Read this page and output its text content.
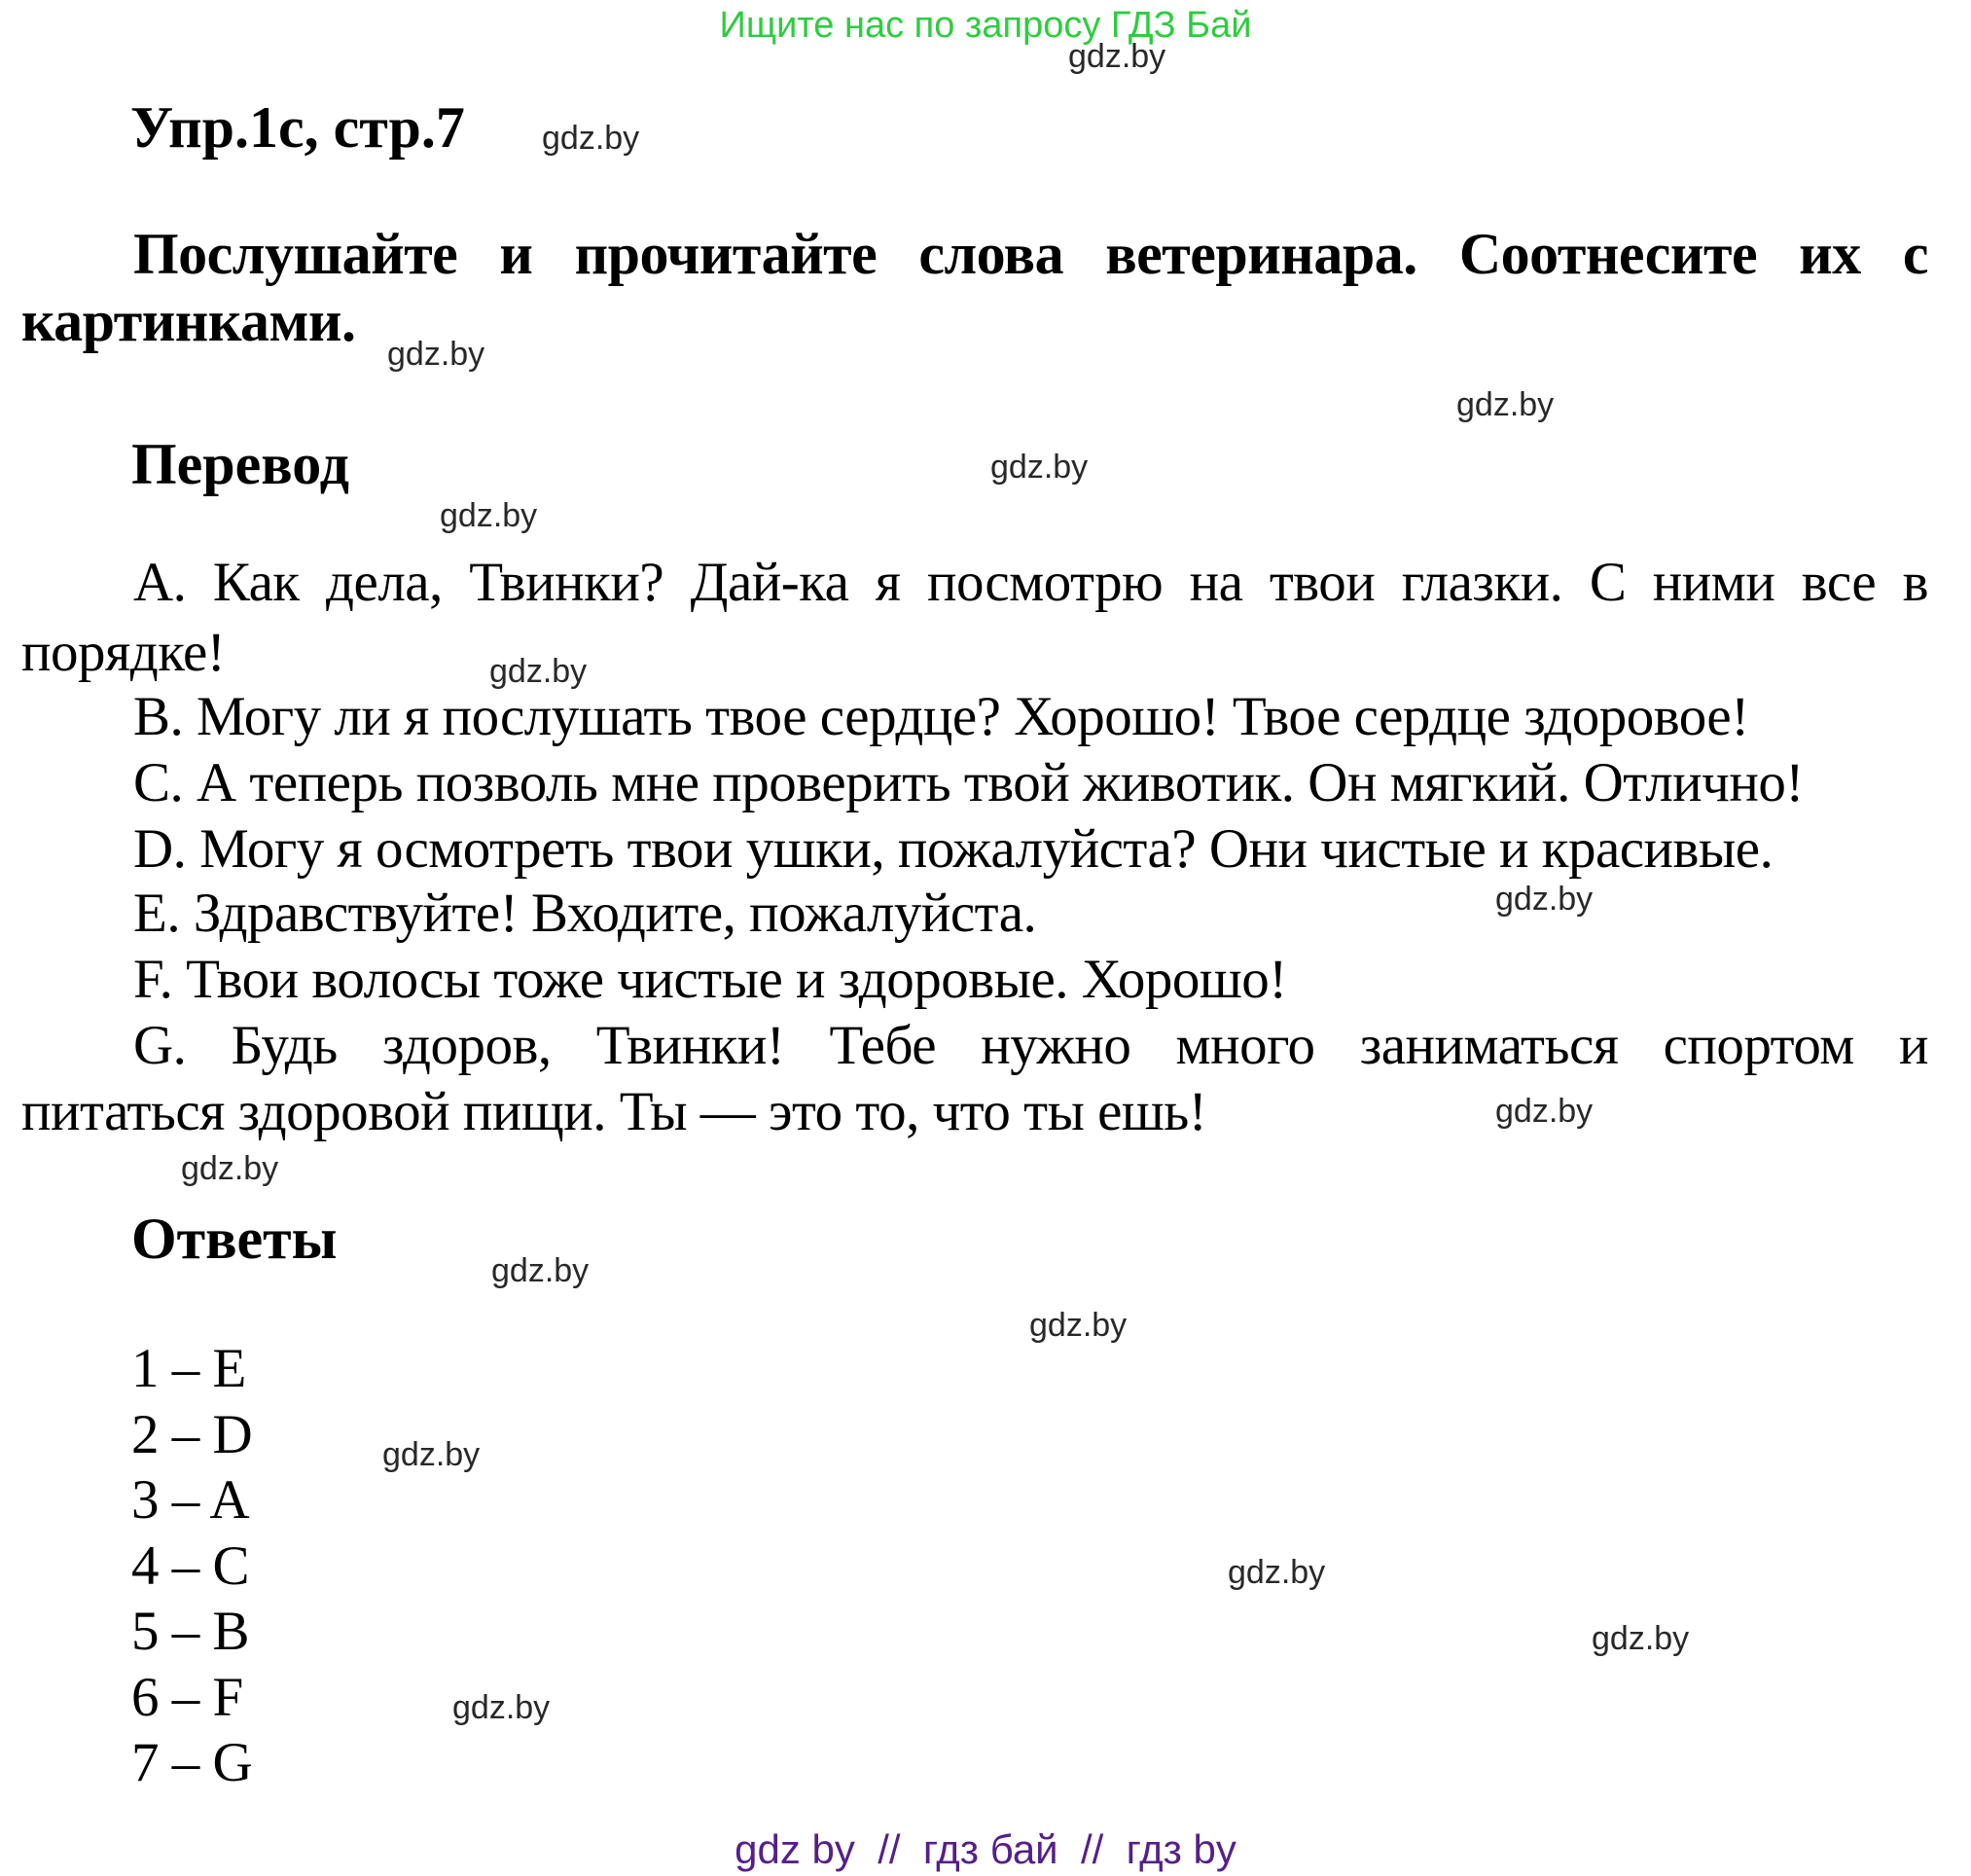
Ищите нас по запросу ГДЗ Бай
gdz.by
gdz.by
gdz.by
gdz.by
gdz.by
gdz.by
gdz.by
gdz.by
gdz.by
gdz.by
gdz.by
gdz.by
gdz.by
gdz.by
gdz.by
gdz.by
Упр.1c, стр.7
Послушайте и прочитайте слова ветеринара. Соотнесите их с
картинками.
Перевод
A. Как дела, Твинки? Дай-ка я посмотрю на твои глазки. С ними все в
порядке!
B. Могу ли я послушать твое сердце? Хорошо! Твое сердце здоровое!
C. А теперь позволь мне проверить твой животик. Он мягкий. Отлично!
D. Могу я осмотреть твои ушки, пожалуйста? Они чистые и красивые.
E. Здравствуйте! Входите, пожалуйста.
F. Твои волосы тоже чистые и здоровые. Хорошо!
G. Будь здоров, Твинки! Тебе нужно много заниматься спортом и
питаться здоровой пищи. Ты — это то, что ты ешь!
Ответы
1 – E
2 – D
3 – A
4 – C
5 – B
6 – F
7 – G
gdz by  //  гдз бай  //  гдз by
